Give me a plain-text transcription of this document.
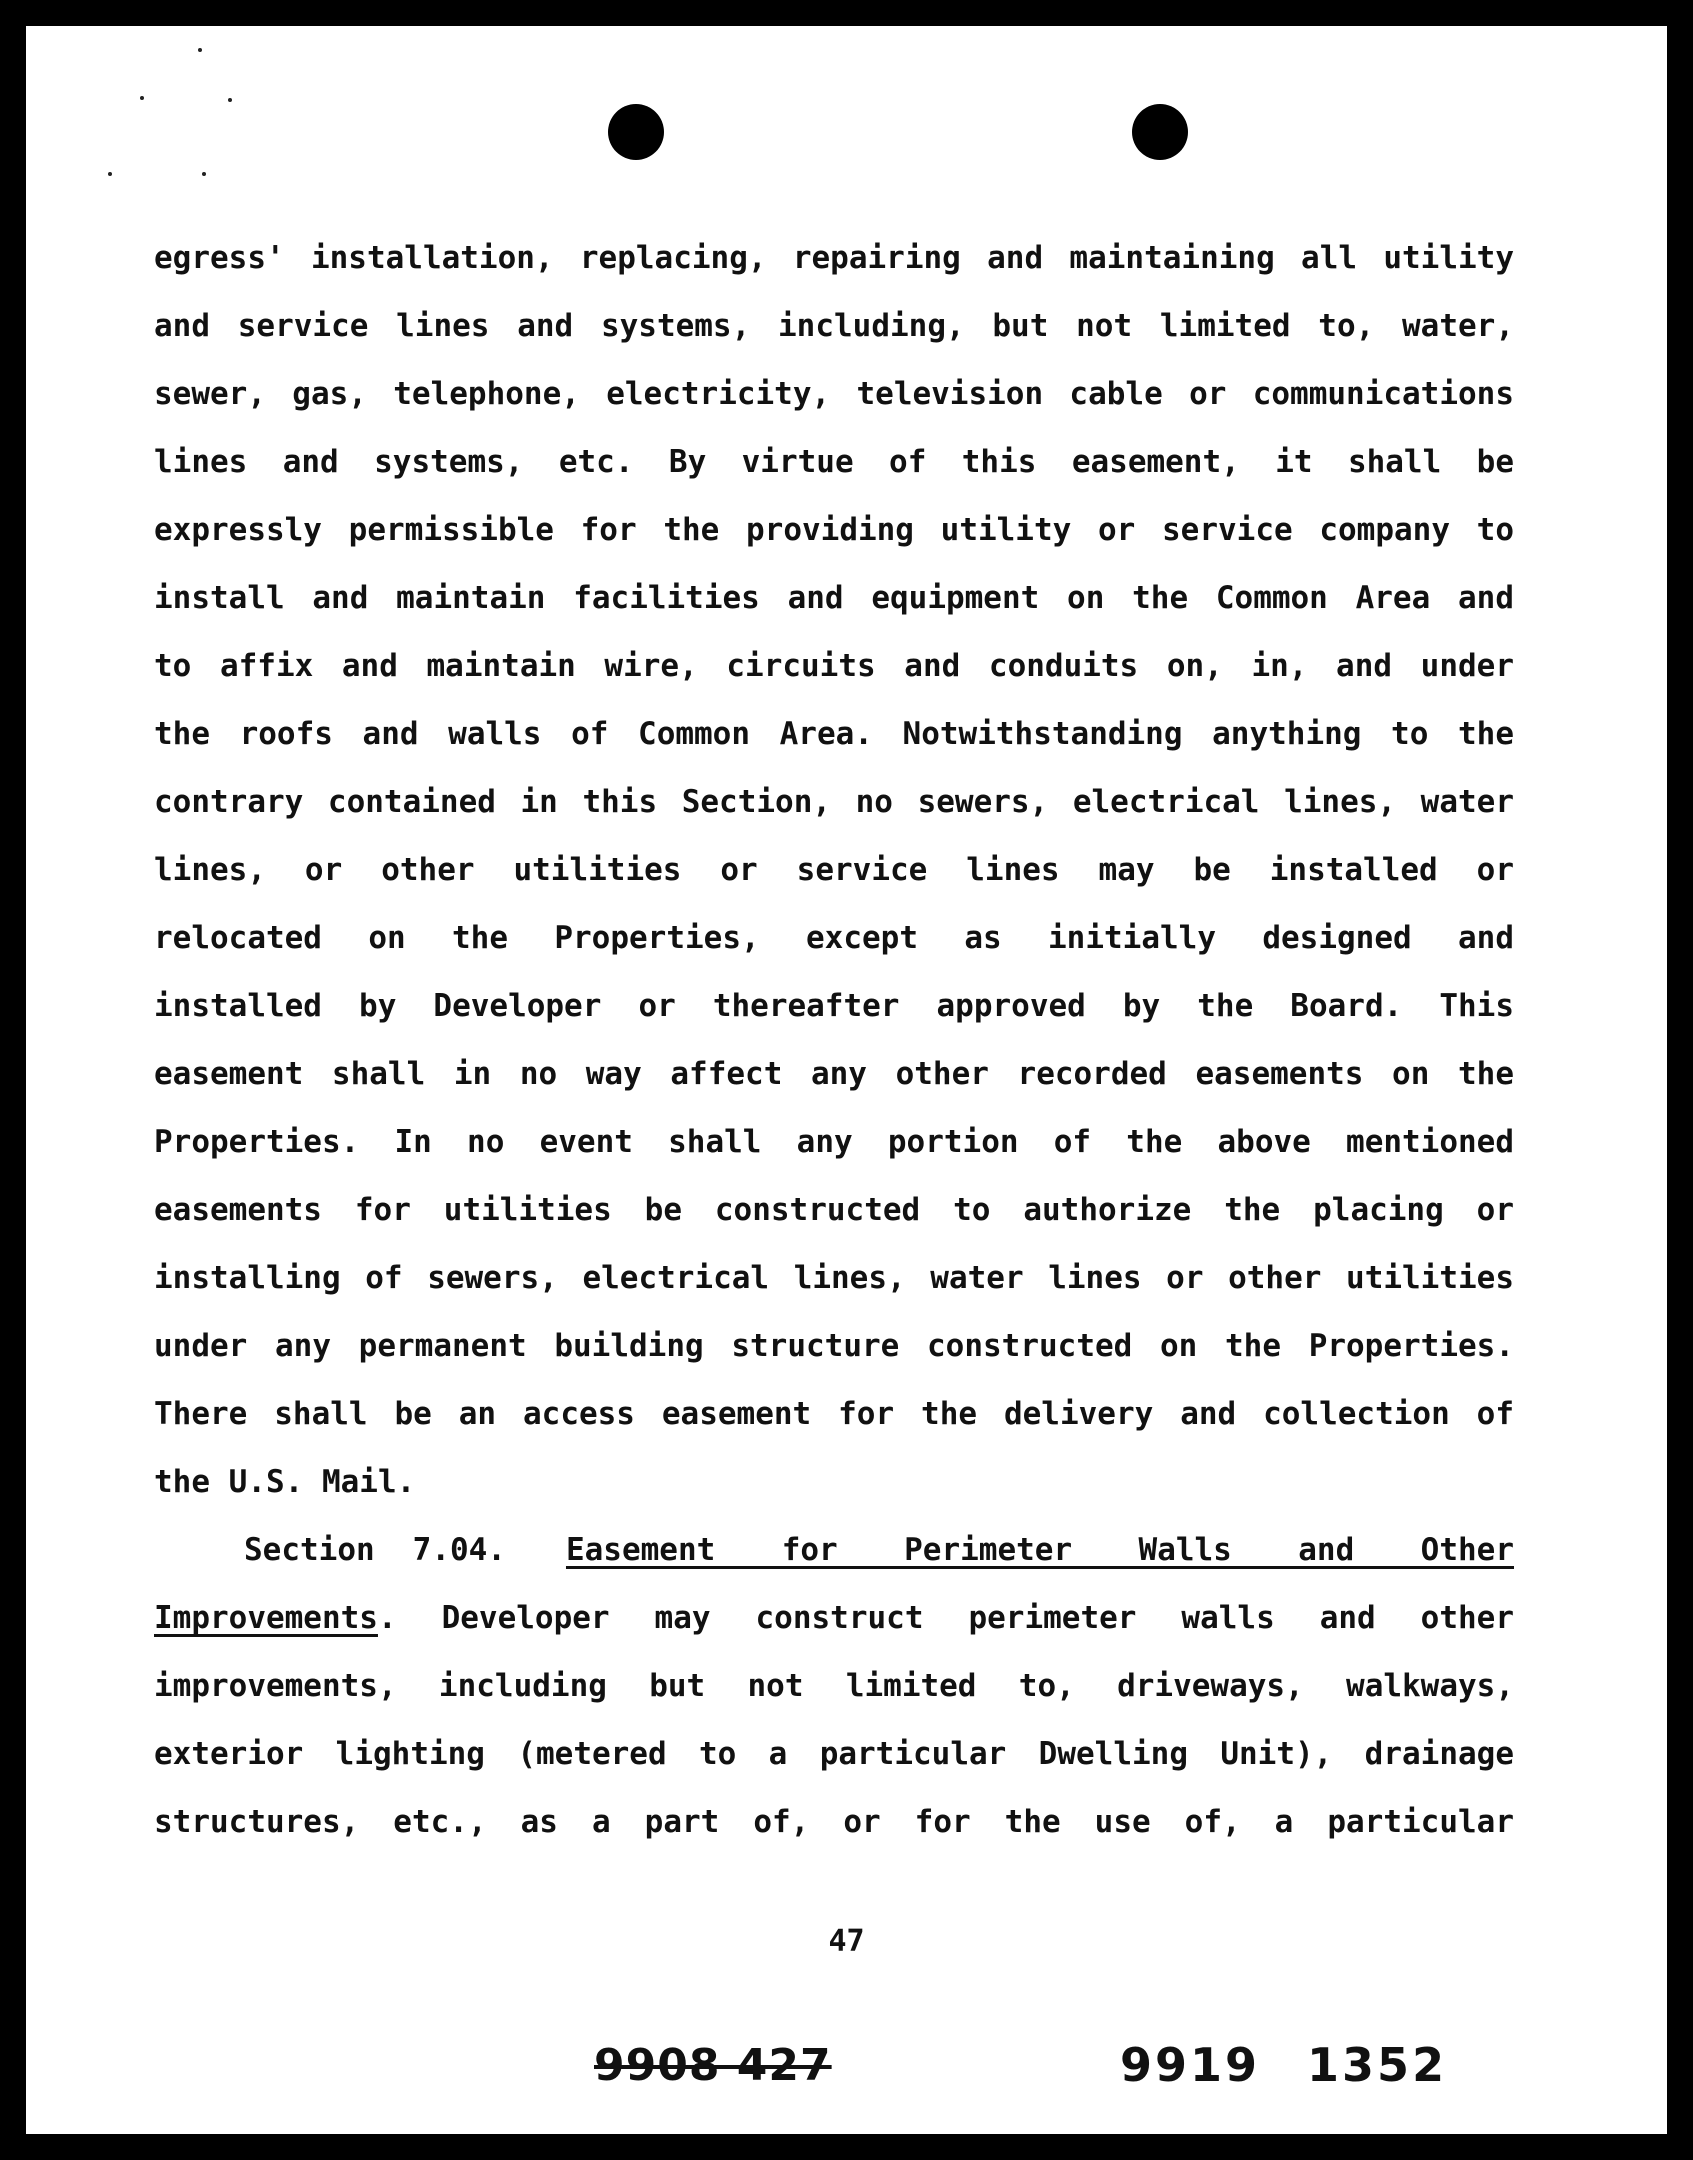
egress' installation, replacing, repairing and maintaining all utility
and service lines and systems, including, but not limited to, water,
sewer, gas, telephone, electricity, television cable or communications
lines and systems, etc. By virtue of this easement, it shall be
expressly permissible for the providing utility or service company to
install and maintain facilities and equipment on the Common Area and
to affix and maintain wire, circuits and conduits on, in, and under
the roofs and walls of Common Area. Notwithstanding anything to the
contrary contained in this Section, no sewers, electrical lines, water
lines, or other utilities or service lines may be installed or
relocated on the Properties, except as initially designed and
installed by Developer or thereafter approved by the Board. This
easement shall in no way affect any other recorded easements on the
Properties. In no event shall any portion of the above mentioned
easements for utilities be constructed to authorize the placing or
installing of sewers, electrical lines, water lines or other utilities
under any permanent building structure constructed on the Properties.
There shall be an access easement for the delivery and collection of
the U.S. Mail.
Section 7.04. Easement for Perimeter Walls and Other
Improvements. Developer may construct perimeter walls and other
improvements, including but not limited to, driveways, walkways,
exterior lighting (metered to a particular Dwelling Unit), drainage
structures, etc., as a part of, or for the use of, a particular
47
9908 427	9919 1352
